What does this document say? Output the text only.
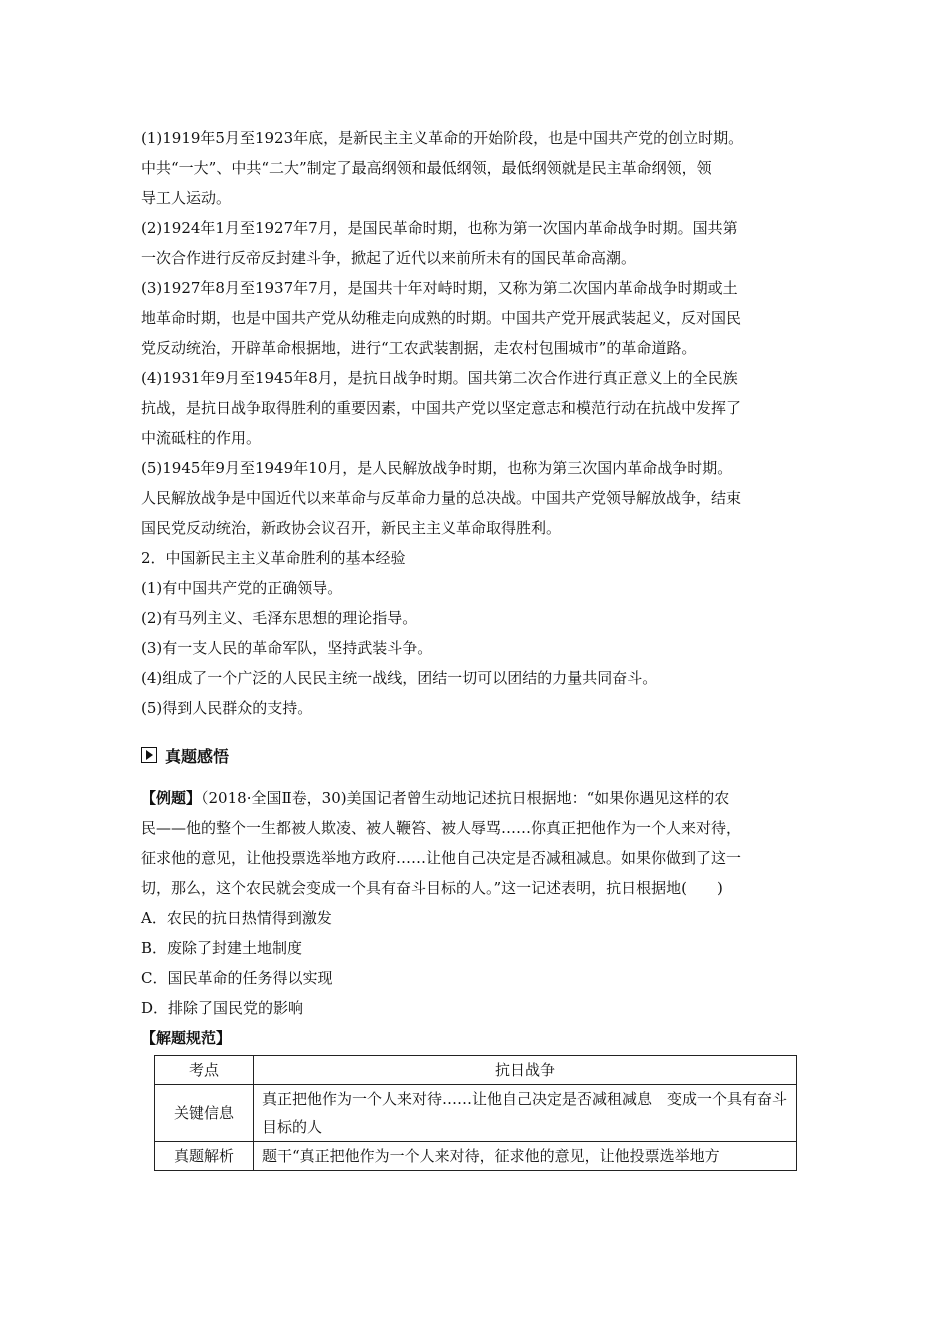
(1)1919年5月至1923年底，是新民主主义革命的开始阶段，也是中国共产党的创立时期。

中共“一大”、中共“二大”制定了最高纲领和最低纲领，最低纲领就是民主革命纲领，领

导工人运动。

(2)1924年1月至1927年7月，是国民革命时期，也称为第一次国内革命战争时期。国共第

一次合作进行反帝反封建斗争，掀起了近代以来前所未有的国民革命高潮。

(3)1927年8月至1937年7月，是国共十年对峙时期，又称为第二次国内革命战争时期或土

地革命时期，也是中国共产党从幼稚走向成熟的时期。中国共产党开展武装起义，反对国民

党反动统治，开辟革命根据地，进行“工农武装割据，走农村包围城市”的革命道路。

(4)1931年9月至1945年8月，是抗日战争时期。国共第二次合作进行真正意义上的全民族

抗战，是抗日战争取得胜利的重要因素，中国共产党以坚定意志和模范行动在抗战中发挥了

中流砥柱的作用。

(5)1945年9月至1949年10月，是人民解放战争时期，也称为第三次国内革命战争时期。

人民解放战争是中国近代以来革命与反革命力量的总决战。中国共产党领导解放战争，结束

国民党反动统治，新政协会议召开，新民主主义革命取得胜利。

2．中国新民主主义革命胜利的基本经验

(1)有中国共产党的正确领导。

(2)有马列主义、毛泽东思想的理论指导。

(3)有一支人民的革命军队，坚持武装斗争。

(4)组成了一个广泛的人民民主统一战线，团结一切可以团结的力量共同奋斗。

(5)得到人民群众的支持。

真题感悟

【例题】（2018·全国Ⅱ卷，30)美国记者曾生动地记述抗日根据地：“如果你遇见这样的农

民——他的整个一生都被人欺凌、被人鞭笞、被人辱骂……你真正把他作为一个人来对待，

征求他的意见，让他投票选举地方政府……让他自己决定是否减租减息。如果你做到了这一

切，那么，这个农民就会变成一个具有奋斗目标的人。”这一记述表明，抗日根据地(　　)

A．农民的抗日热情得到激发

B．废除了封建土地制度

C．国民革命的任务得以实现

D．排除了国民党的影响

【解题规范】

考点	抗日战争
关键信息	真正把他作为一个人来对待……让他自己决定是否减租减息　变成一个具有奋斗目标的人
真题解析	题干“真正把他作为一个人来对待，征求他的意见，让他投票选举地方
